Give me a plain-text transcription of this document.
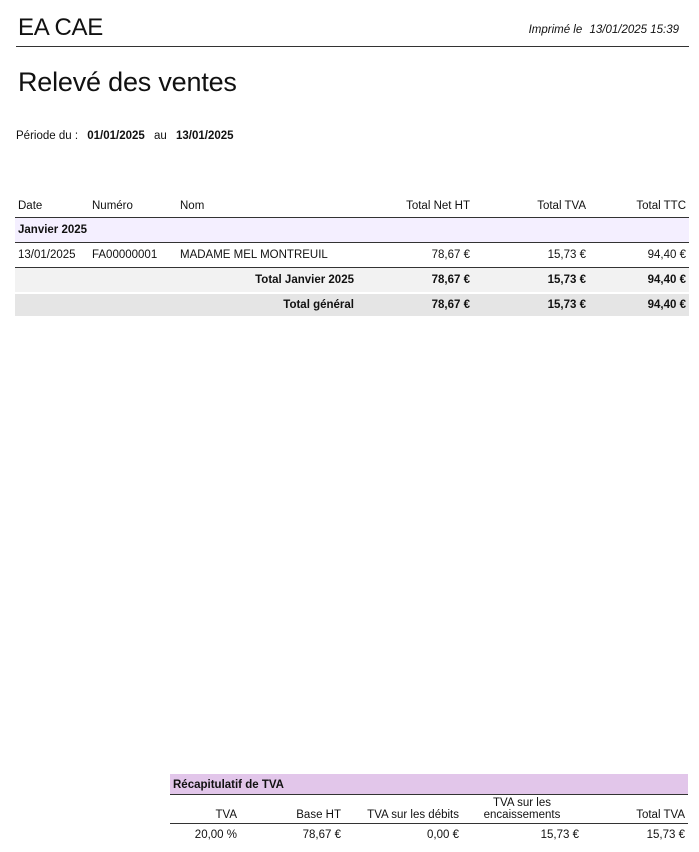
EA CAE	Imprimé le 13/01/2025 15:39
Relevé des ventes
Période du : 01/01/2025 au 13/01/2025
Date	Numéro	Nom	Total Net HT	Total TVA	Total TTC
Janvier 2025					
13/01/2025	FA00000001	MADAME MEL MONTREUIL	78,67 €	15,73 €	94,40 €
		Total Janvier 2025	78,67 €	15,73 €	94,40 €

		Total général	78,67 €	15,73 €	94,40 €
Récapitulatif de TVA
TVA	Base HT	TVA sur les débits	TVA sur les encaissements	Total TVA
20,00 %	78,67 €	0,00 €	15,73 €	15,73 €
